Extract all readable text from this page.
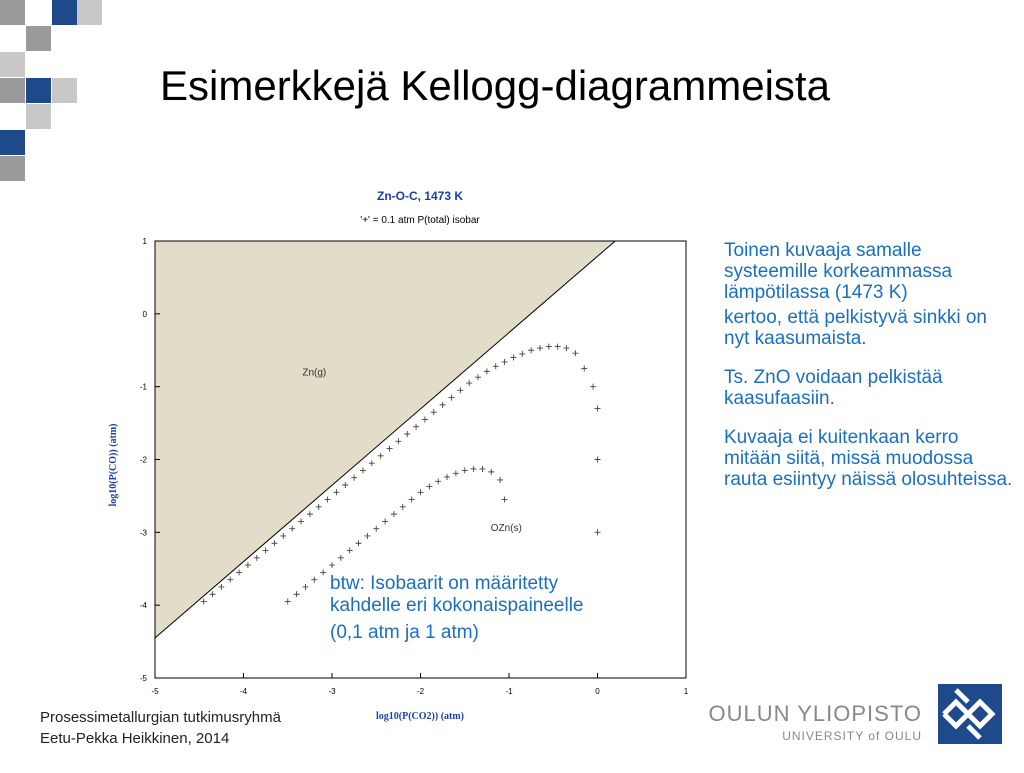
Esimerkkejä Kellogg-diagrammeista
Zn-O-C, 1473 K
'+' = 0.1 atm P(total) isobar
-5	-4	-3	-2	-1	0	1
-5
-4
-3
-2
-1
0
1
Zn(g)
OZn(s)
log10(P(CO2)) (atm)
log10(P(CO)) (atm)
btw: Isobaarit on määritetty
kahdelle eri kokonaispaineelle
(0,1 atm ja 1 atm)

Toinen kuvaaja samalle systeemille korkeammassa lämpötilassa (1473 K)

kertoo, että pelkistyvä sinkki on nyt kaasumaista.

Ts. ZnO voidaan pelkistää kaasufaasiin.

Kuvaaja ei kuitenkaan kerro mitään siitä, missä muodossa rauta esiintyy näissä olosuhteissa.

Prosessimetallurgian tutkimusryhmä
Eetu-Pekka Heikkinen, 2014
OULUN YLIOPISTO
UNIVERSITY of OULU
